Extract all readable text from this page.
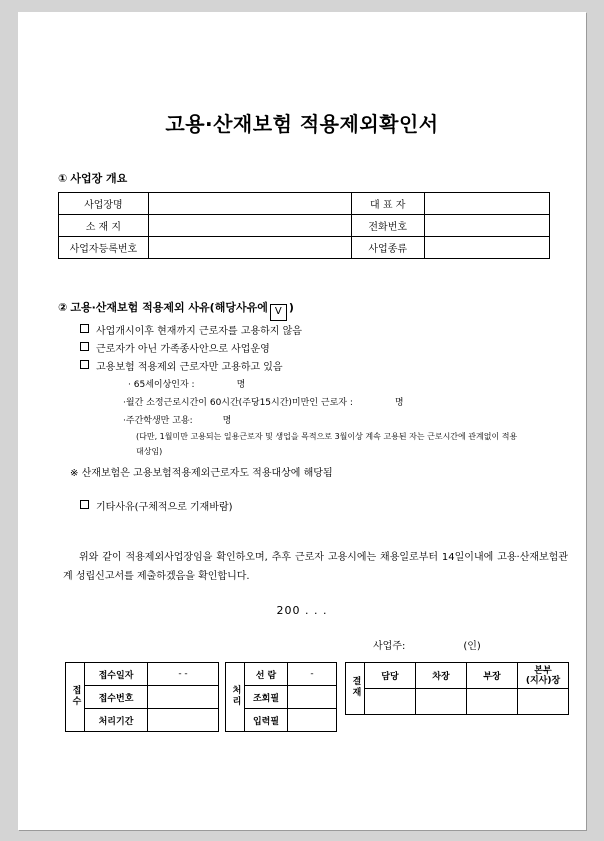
고용·산재보험 적용제외확인서
① 사업장 개요
사업장명		대 표 자	
소 재 지		전화번호	
사업자등록번호		사업종류	
② 고용·산재보험 적용제외 사유(해당사유에 V )
사업개시이후 현재까지 근로자를 고용하지 않음
근로자가 아닌 가족종사안으로 사업운영
고용보험 적용제외 근로자만 고용하고 있음
· 65세이상인자 :	명
·월간 소정근로시간이 60시간(주당15시간)미만인 근로자 :	명
·주간학생만 고용:	명
(다만, 1월미만 고용되는 일용근로자 및 생업을 목적으로 3월이상 계속 고용된 자는 근로시간에 관계없이 적용
대상임)
※ 산재보험은 고용보험적용제외근로자도 적용대상에 해당됨
기타사유(구체적으로 기재바람)
위와 같이 적용제외사업장임을 확인하오며, 추후 근로자 고용시에는 채용일로부터 14일이내에 고용·산재보험관계 성립신고서를 제출하겠음을 확인합니다.
200 . . .
사업주:	(인)
접수	접수일자	- -
	접수번호	
	처리기간	
처리	선 람	-
	조회필	
	입력필	
결재	담당	차장	부장	본부
(지사)장
